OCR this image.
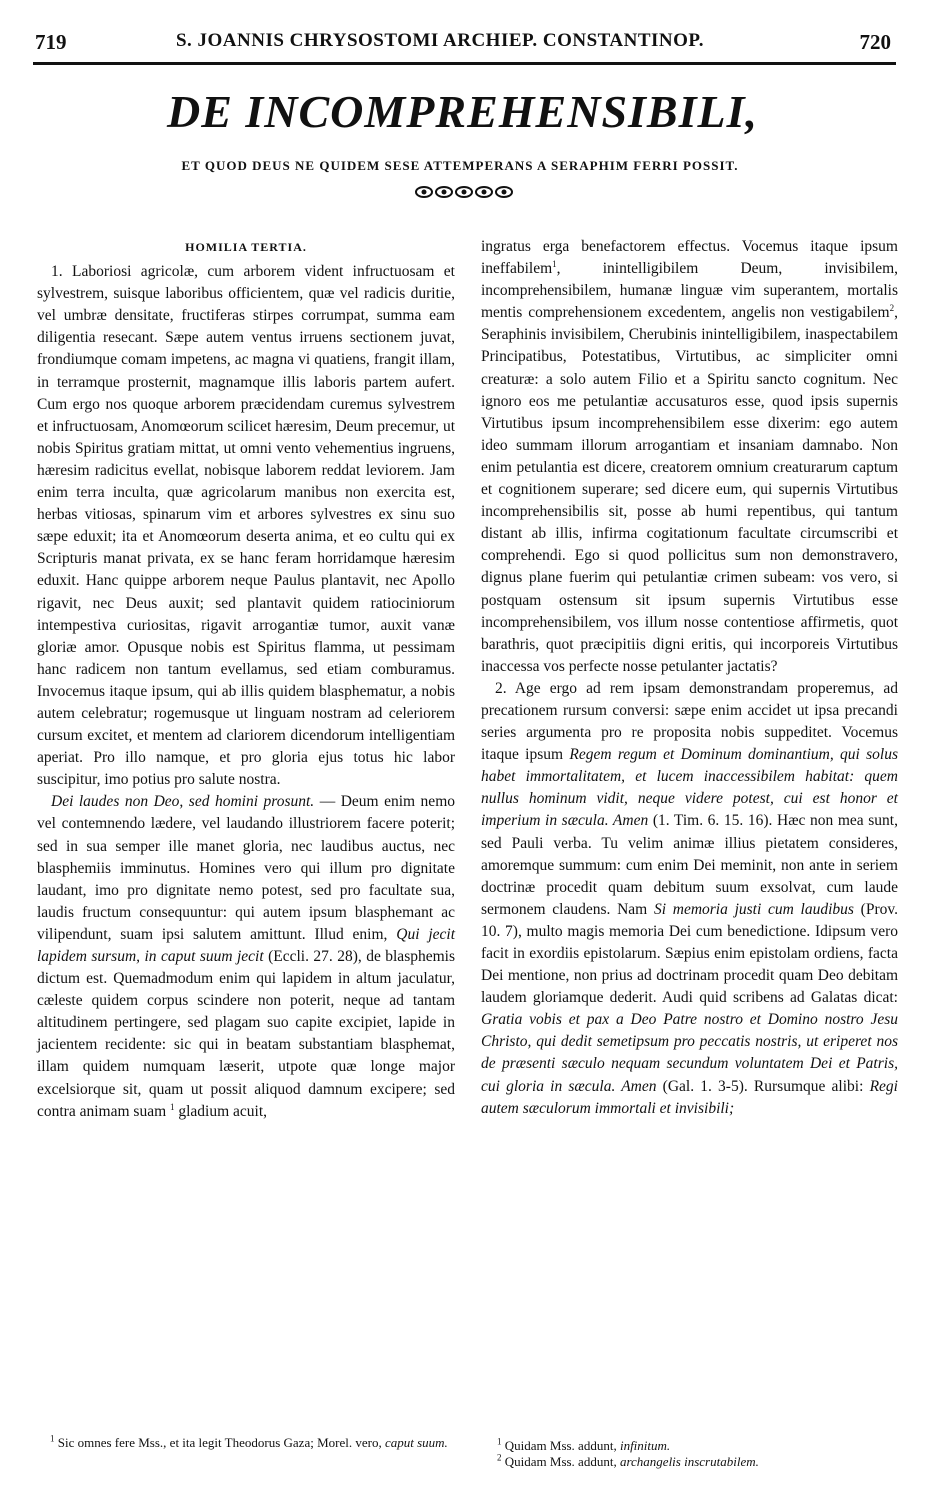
719	S. JOANNIS CHRYSOSTOMI ARCHIEP. CONSTANTINOP.	720
DE INCOMPREHENSIBILI,
ET QUOD DEUS NE QUIDEM SESE ATTEMPERANS A SERAPHIM FERRI POSSIT.

HOMILIA TERTIA.

1. Laboriosi agricolæ, cum arborem vident infructuosam et sylvestrem, suisque laboribus officientem, quæ vel radicis duritie, vel umbræ densitate, fructiferas stirpes corrumpat, summa eam diligentia resecant. Sæpe autem ventus irruens sectionem juvat, frondiumque comam impetens, ac magna vi quatiens, frangit illam, in terramque prosternit, magnamque illis laboris partem aufert. Cum ergo nos quoque arborem præcidendam curemus sylvestrem et infructuosam, Anomœorum scilicet hæresim, Deum precemur, ut nobis Spiritus gratiam mittat, ut omni vento vehementius ingruens, hæresim radicitus evellat, nobisque laborem reddat leviorem. Jam enim terra inculta, quæ agricolarum manibus non exercita est, herbas vitiosas, spinarum vim et arbores sylvestres ex sinu suo sæpe eduxit; ita et Anomœorum deserta anima, et eo cultu qui ex Scripturis manat privata, ex se hanc feram horridamque hæresim eduxit. Hanc quippe arborem neque Paulus plantavit, nec Apollo rigavit, nec Deus auxit; sed plantavit quidem ratiociniorum intempestiva curiositas, rigavit arrogantiæ tumor, auxit vanæ gloriæ amor. Opusque nobis est Spiritus flamma, ut pessimam hanc radicem non tantum evellamus, sed etiam comburamus. Invocemus itaque ipsum, qui ab illis quidem blasphematur, a nobis autem celebratur; rogemusque ut linguam nostram ad celeriorem cursum excitet, et mentem ad clariorem dicendorum intelligentiam aperiat. Pro illo namque, et pro gloria ejus totus hic labor suscipitur, imo potius pro salute nostra.

Dei laudes non Deo, sed homini prosunt. — Deum enim nemo vel contemnendo lædere, vel laudando illustriorem facere poterit; sed in sua semper ille manet gloria, nec laudibus auctus, nec blasphemiis imminutus. Homines vero qui illum pro dignitate laudant, imo pro dignitate nemo potest, sed pro facultate sua, laudis fructum consequuntur: qui autem ipsum blasphemant ac vilipendunt, suam ipsi salutem amittunt. Illud enim, Qui jecit lapidem sursum, in caput suum jecit (Eccli. 27. 28), de blasphemis dictum est. Quemadmodum enim qui lapidem in altum jaculatur, cæleste quidem corpus scindere non poterit, neque ad tantam altitudinem pertingere, sed plagam suo capite excipiet, lapide in jacientem recidente: sic qui in beatam substantiam blasphemat, illam quidem numquam læserit, utpote quæ longe major excelsiorque sit, quam ut possit aliquod damnum excipere; sed contra animam suam $^1$ gladium acuit,

ingratus erga benefactorem effectus. Vocemus itaque ipsum ineffabilem$^1$, inintelligibilem Deum, invisibilem, incomprehensibilem, humanæ linguæ vim superantem, mortalis mentis comprehensionem excedentem, angelis non vestigabilem$^2$, Seraphinis invisibilem, Cherubinis inintelligibilem, inaspectabilem Principatibus, Potestatibus, Virtutibus, ac simpliciter omni creaturæ: a solo autem Filio et a Spiritu sancto cognitum. Nec ignoro eos me petulantiæ accusaturos esse, quod ipsis supernis Virtutibus ipsum incomprehensibilem esse dixerim: ego autem ideo summam illorum arrogantiam et insaniam damnabo. Non enim petulantia est dicere, creatorem omnium creaturarum captum et cognitionem superare; sed dicere eum, qui supernis Virtutibus incomprehensibilis sit, posse ab humi repentibus, qui tantum distant ab illis, infirma cogitationum facultate circumscribi et comprehendi. Ego si quod pollicitus sum non demonstravero, dignus plane fuerim qui petulantiæ crimen subeam: vos vero, si postquam ostensum sit ipsum supernis Virtutibus esse incomprehensibilem, vos illum nosse contentiose affirmetis, quot barathris, quot præcipitiis digni eritis, qui incorporeis Virtutibus inaccessa vos perfecte nosse petulanter jactatis?

2. Age ergo ad rem ipsam demonstrandam properemus, ad precationem rursum conversi: sæpe enim accidet ut ipsa precandi series argumenta pro re proposita nobis suppeditet. Vocemus itaque ipsum Regem regum et Dominum dominantium, qui solus habet immortalitatem, et lucem inaccessibilem habitat: quem nullus hominum vidit, neque videre potest, cui est honor et imperium in sæcula. Amen (1. Tim. 6. 15. 16). Hæc non mea sunt, sed Pauli verba. Tu velim animæ illius pietatem consideres, amoremque summum: cum enim Dei meminit, non ante in seriem doctrinæ procedit quam debitum suum exsolvat, cum laude sermonem claudens. Nam Si memoria justi cum laudibus (Prov. 10. 7), multo magis memoria Dei cum benedictione. Idipsum vero facit in exordiis epistolarum. Sæpius enim epistolam ordiens, facta Dei mentione, non prius ad doctrinam procedit quam Deo debitam laudem gloriamque dederit. Audi quid scribens ad Galatas dicat: Gratia vobis et pax a Deo Patre nostro et Domino nostro Jesu Christo, qui dedit semetipsum pro peccatis nostris, ut eriperet nos de præsenti sæculo nequam secundum voluntatem Dei et Patris, cui gloria in sæcula. Amen (Gal. 1. 3-5). Rursumque alibi: Regi autem sæculorum immortali et invisibili;

$^1$ Sic omnes fere Mss., et ita legit Theodorus Gaza; Morel. vero, caput suum.	$^1$ Quidam Mss. addunt, infinitum.
$^2$ Quidam Mss. addunt, archangelis inscrutabilem.
